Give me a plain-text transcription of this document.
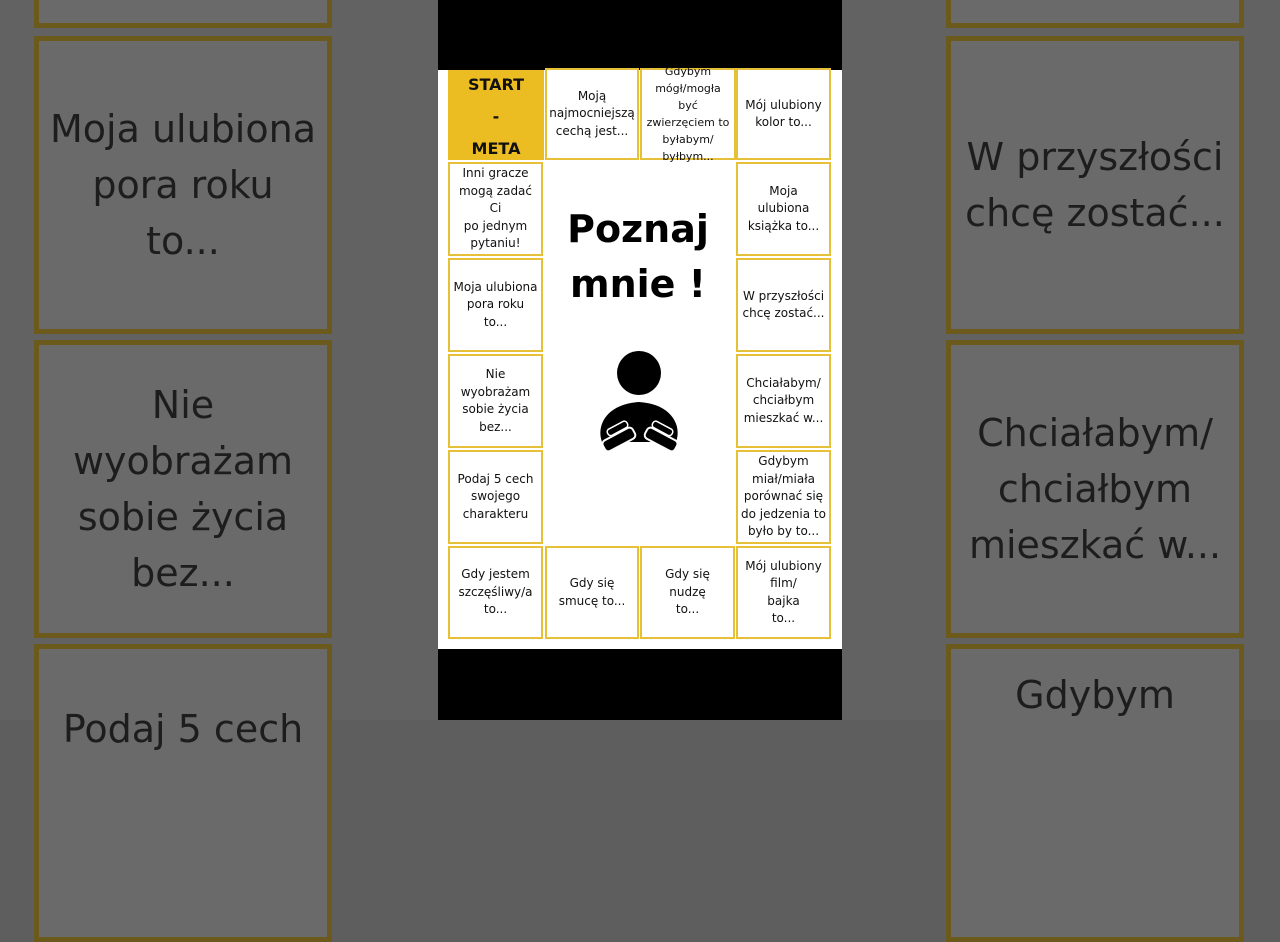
Moja ulubiona
pora roku
to...
Nie
wyobrażam
sobie życia
bez...
Podaj 5 cech
W przyszłości
chcę zostać...
Chciałabym/
chciałbym
mieszkać w...
Gdybym
START
-
META
Moją
najmocniejszą
cechą jest...
Gdybym
mógł/mogła być
zwierzęciem to
byłabym/
byłbym...
Mój ulubiony
kolor to...
Inni gracze
mogą zadać Ci
po jednym
pytaniu!
Moja ulubiona
pora roku
to...
Nie
wyobrażam
sobie życia
bez...
Podaj 5 cech
swojego
charakteru
Moja
ulubiona
książka to...
W przyszłości
chcę zostać...
Chciałabym/
chciałbym
mieszkać w...
Gdybym
miał/miała
porównać się
do jedzenia to
było by to...
Gdy jestem
szczęśliwy/a
to...
Gdy się
smucę to...
Gdy się nudzę
to...
Mój ulubiony
film/
bajka
to...
Poznaj
mnie !
